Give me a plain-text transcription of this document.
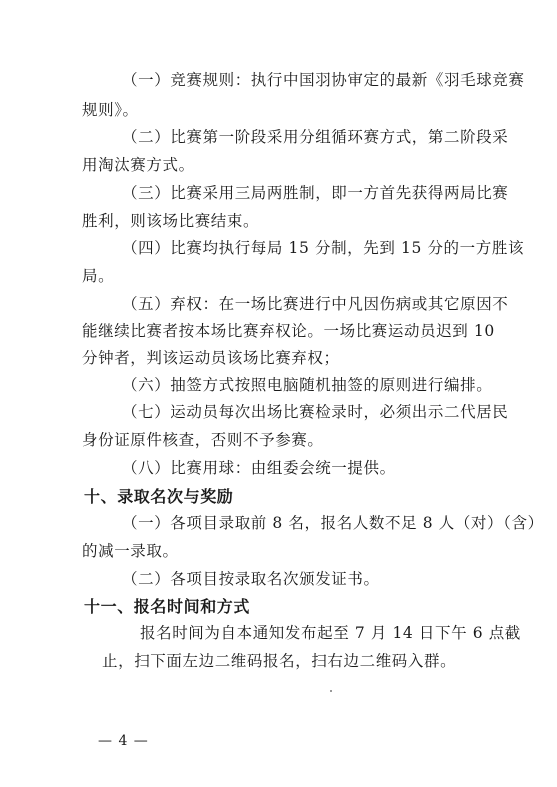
（一）竞赛规则：执行中国羽协审定的最新《羽毛球竞赛
规则》。
（二）比赛第一阶段采用分组循环赛方式，第二阶段采
用淘汰赛方式。
（三）比赛采用三局两胜制，即一方首先获得两局比赛
胜利，则该场比赛结束。
（四）比赛均执行每局 15 分制，先到 15 分的一方胜该
局。
（五）弃权：在一场比赛进行中凡因伤病或其它原因不
能继续比赛者按本场比赛弃权论。一场比赛运动员迟到 10
分钟者，判该运动员该场比赛弃权；
（六）抽签方式按照电脑随机抽签的原则进行编排。
（七）运动员每次出场比赛检录时，必须出示二代居民
身份证原件核查，否则不予参赛。
（八）比赛用球：由组委会统一提供。
十、录取名次与奖励
（一）各项目录取前 8 名，报名人数不足 8 人（对）（含）
的减一录取。
（二）各项目按录取名次颁发证书。
十一、报名时间和方式
报名时间为自本通知发布起至 7 月 14 日下午 6 点截
止，扫下面左边二维码报名，扫右边二维码入群。
— 4 —
